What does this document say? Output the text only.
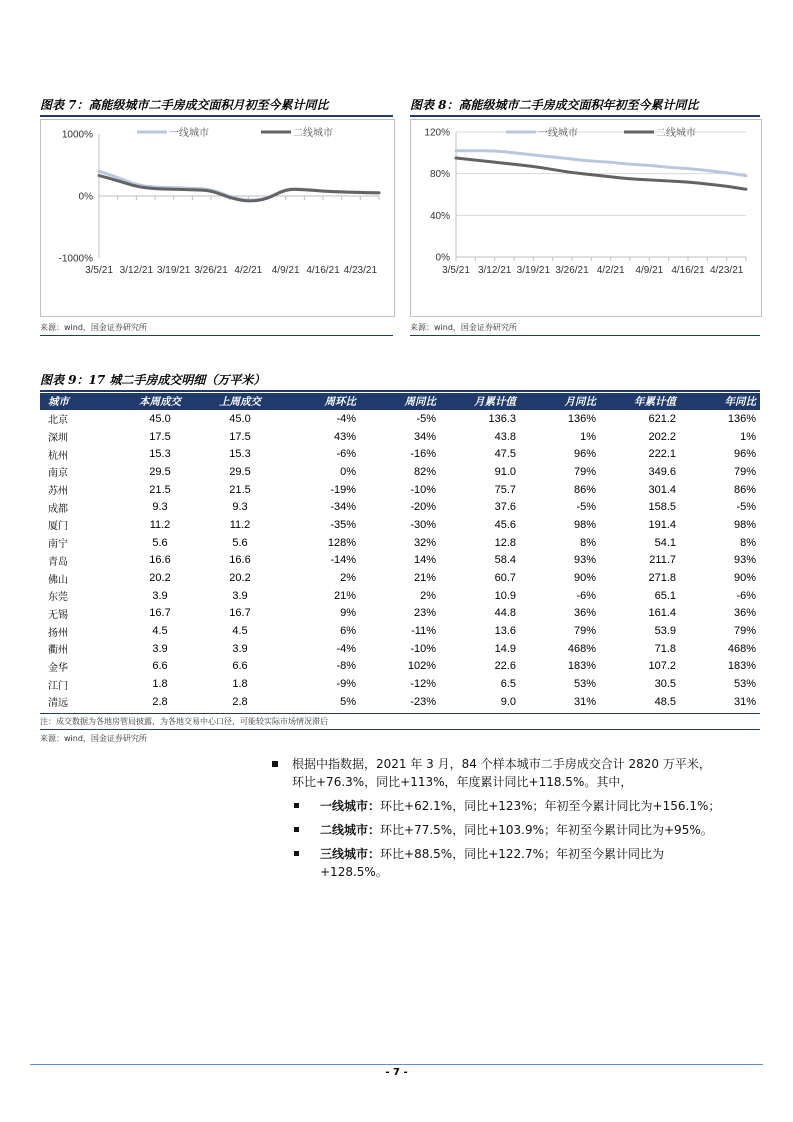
图表 7：高能级城市二手房成交面积月初至今累计同比
1000%
0%
-1000%
3/5/21 3/12/21 3/19/21 3/26/21 4/2/21 4/9/21 4/16/21 4/23/21
一线城市	二线城市
来源：wind，国金证券研究所
图表 8：高能级城市二手房成交面积年初至今累计同比
120%
80%
40%
0%
3/5/21 3/12/21 3/19/21 3/26/21 4/2/21 4/9/21 4/16/21 4/23/21
一线城市	二线城市
来源：wind，国金证券研究所
图表 9：17 城二手房成交明细（万平米）
城市	本周成交	上周成交	周环比	周同比	月累计值	月同比	年累计值	年同比
北京	45.0	45.0	-4%	-5%	136.3	136%	621.2	136%
深圳	17.5	17.5	43%	34%	43.8	1%	202.2	1%
杭州	15.3	15.3	-6%	-16%	47.5	96%	222.1	96%
南京	29.5	29.5	0%	82%	91.0	79%	349.6	79%
苏州	21.5	21.5	-19%	-10%	75.7	86%	301.4	86%
成都	9.3	9.3	-34%	-20%	37.6	-5%	158.5	-5%
厦门	11.2	11.2	-35%	-30%	45.6	98%	191.4	98%
南宁	5.6	5.6	128%	32%	12.8	8%	54.1	8%
青岛	16.6	16.6	-14%	14%	58.4	93%	211.7	93%
佛山	20.2	20.2	2%	21%	60.7	90%	271.8	90%
东莞	3.9	3.9	21%	2%	10.9	-6%	65.1	-6%
无锡	16.7	16.7	9%	23%	44.8	36%	161.4	36%
扬州	4.5	4.5	6%	-11%	13.6	79%	53.9	79%
衢州	3.9	3.9	-4%	-10%	14.9	468%	71.8	468%
金华	6.6	6.6	-8%	102%	22.6	183%	107.2	183%
江门	1.8	1.8	-9%	-12%	6.5	53%	30.5	53%
清远	2.8	2.8	5%	-23%	9.0	31%	48.5	31%
注：成交数据为各地房管局披露，为各地交易中心口径，可能较实际市场情况滞后
来源：wind，国金证券研究所
根据中指数据，2021 年 3 月，84 个样本城市二手房成交合计 2820 万平米，
环比+76.3%，同比+113%，年度累计同比+118.5%。其中，
一线城市：环比+62.1%，同比+123%；年初至今累计同比为+156.1%；
二线城市：环比+77.5%，同比+103.9%；年初至今累计同比为+95%。
三线城市：环比+88.5%，同比+122.7%；年初至今累计同比为
+128.5%。
- 7 -
